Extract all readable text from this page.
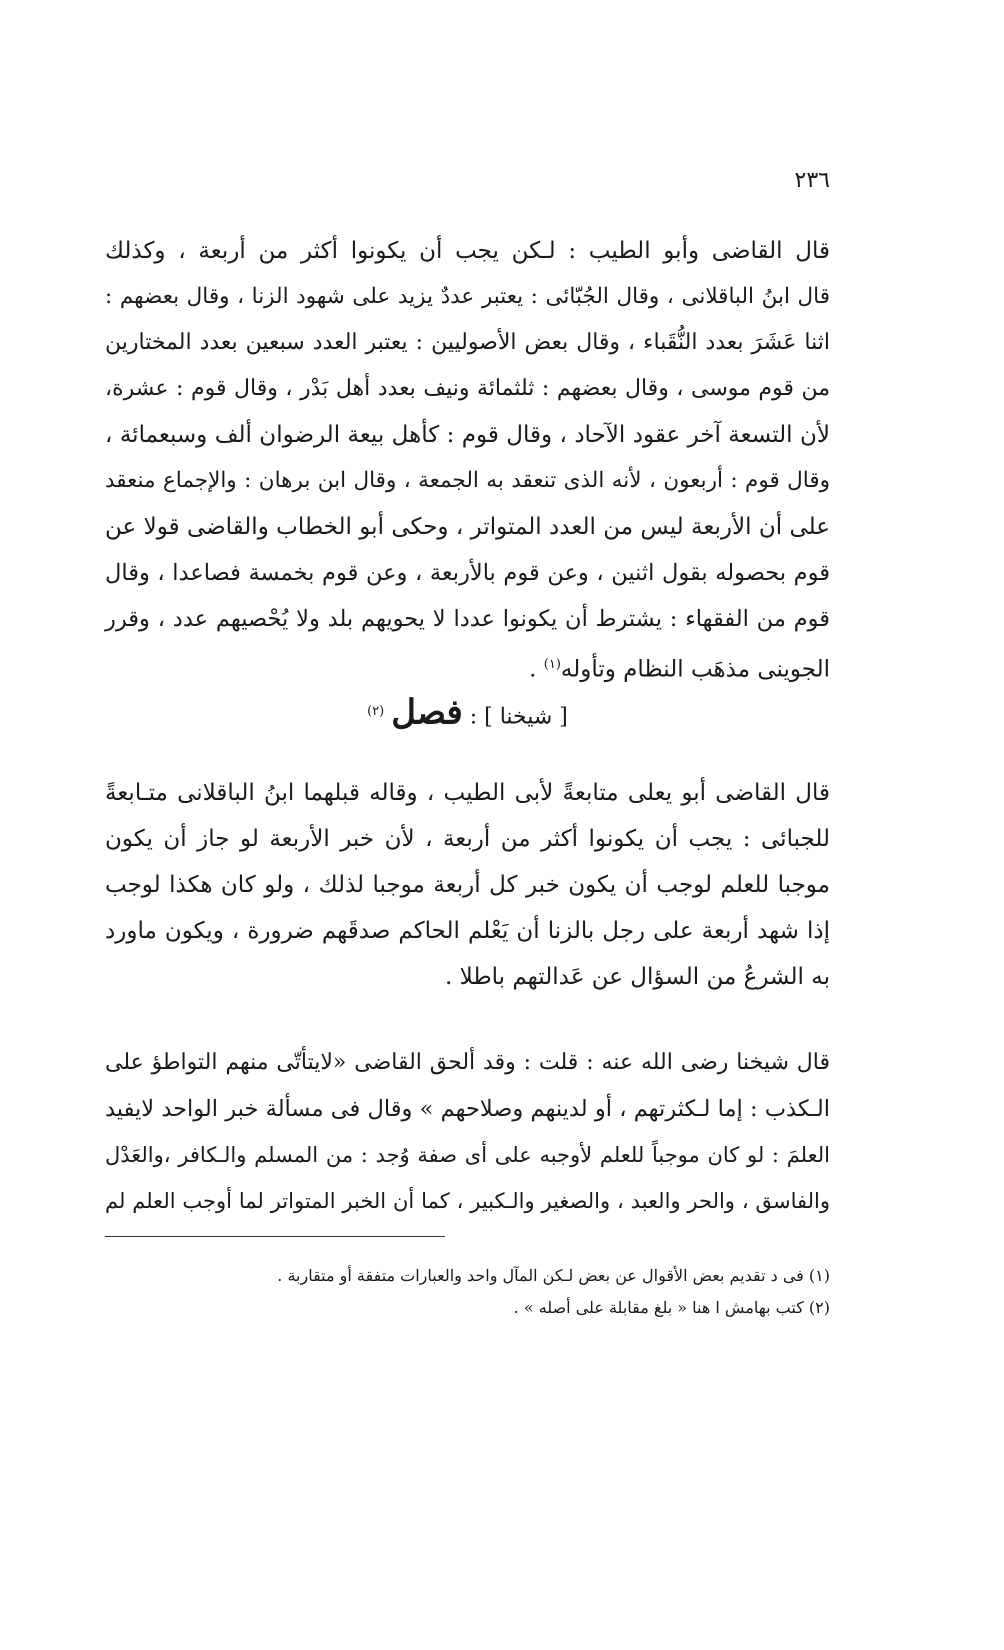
٢٣٦
قال القاضى وأبو الطيب : لـكن يجب أن يكونوا أكثر من أربعة ، وكذلك
قال ابنُ الباقلانى ، وقال الجُبّائى : يعتبر عددٌ يزيد على شهود الزنا ، وقال بعضهم :
اثنا عَشَرَ بعدد النُّقَباء ، وقال بعض الأصوليين : يعتبر العدد سبعين بعدد المختارين
من قوم موسى ، وقال بعضهم : ثلثمائة ونيف بعدد أهل بَدْر ، وقال قوم : عشرة،
لأن التسعة آخر عقود الآحاد ، وقال قوم : كأهل بيعة الرضوان ألف وسبعمائة ،
وقال قوم : أربعون ، لأنه الذى تنعقد به الجمعة ، وقال ابن برهان : والإجماع منعقد
على أن الأربعة ليس من العدد المتواتر ، وحكى أبو الخطاب والقاضى قولا عن
قوم بحصوله بقول اثنين ، وعن قوم بالأربعة ، وعن قوم بخمسة فصاعدا ، وقال
قوم من الفقهاء : يشترط أن يكونوا عددا لا يحويهم بلد ولا يُحْصيهم عدد ، وقرر
الجوينى مذهَب النظام وتأوله$^{(١)}$ .
[ شيخنا ] : فصل $^{(٢)}$
قال القاضى أبو يعلى متابعةً لأبى الطيب ، وقاله قبلهما ابنُ الباقلانى متـابعةً
للجبائى : يجب أن يكونوا أكثر من أربعة ، لأن خبر الأربعة لو جاز أن يكون
موجبا للعلم لوجب أن يكون خبر كل أربعة موجبا لذلك ، ولو كان هكذا لوجب
إذا شهد أربعة على رجل بالزنا أن يَعْلم الحاكم صدقَهم ضرورة ، ويكون ماورد
به الشرعُ من السؤال عن عَدالتهم باطلا .
قال شيخنا رضى الله عنه : قلت : وقد ألحق القاضى «لايتأتّى منهم التواطؤ على
الـكذب : إما لـكثرتهم ، أو لدينهم وصلاحهم » وقال فى مسألة خبر الواحد لايفيد
العلمَ : لو كان موجباً للعلم لأوجبه على أى صفة وُجد : من المسلم والـكافر ،والعَدْل
والفاسق ، والحر والعبد ، والصغير والـكبير ، كما أن الخبر المتواتر لما أوجب العلم لم
(١) فى د تقديم بعض الأقوال عن بعض لـكن المآل واحد والعبارات متفقة أو متقاربة .
(٢) كتب بهامش ا هنا « بلغ مقابلة على أصله » .
